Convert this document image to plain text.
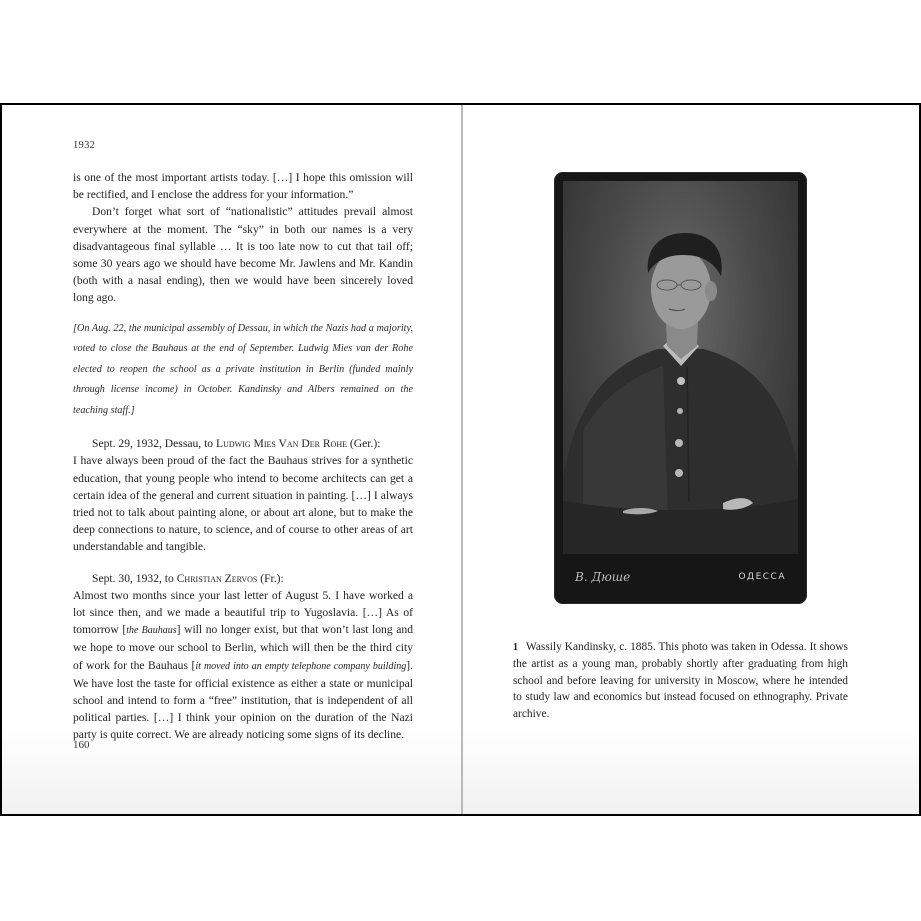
1932

is one of the most important artists today. […] I hope this omission will be rectified, and I enclose the address for your information.”

Don’t forget what sort of “nationalistic” attitudes prevail almost everywhere at the moment. The “sky” in both our names is a very disadvantageous final syllable … It is too late now to cut that tail off; some 30 years ago we should have become Mr. Jawlens and Mr. Kandin (both with a nasal ending), then we would have been sincerely loved long ago.

[On Aug. 22, the municipal assembly of Dessau, in which the Nazis had a majority, voted to close the Bauhaus at the end of September. Ludwig Mies van der Rohe elected to reopen the school as a private institution in Berlin (funded mainly through license income) in October. Kandinsky and Albers remained on the teaching staff.]

Sept. 29, 1932, Dessau, to Ludwig Mies Van Der Rohe (Ger.):

I have always been proud of the fact the Bauhaus strives for a synthetic education, that young people who intend to become architects can get a certain idea of the general and current situation in painting. […] I always tried not to talk about painting alone, or about art alone, but to make the deep connections to nature, to science, and of course to other areas of art understandable and tangible.

Sept. 30, 1932, to Christian Zervos (Fr.):

Almost two months since your last letter of August 5. I have worked a lot since then, and we made a beautiful trip to Yugoslavia. […] As of tomorrow [the Bauhaus] will no longer exist, but that won’t last long and we hope to move our school to Berlin, which will then be the third city of work for the Bauhaus [it moved into an empty telephone company building]. We have lost the taste for official existence as either a state or municipal school and intend to form a “free” institution, that is independent of all political parties. […] I think your opinion on the duration of the Nazi party is quite correct. We are already noticing some signs of its decline.

160
В. Дюше	ОДЕССА
1 Wassily Kandinsky, c. 1885. This photo was taken in Odessa. It shows the artist as a young man, probably shortly after graduating from high school and before leaving for university in Moscow, where he intended to study law and economics but instead focused on ethnography. Private archive.
